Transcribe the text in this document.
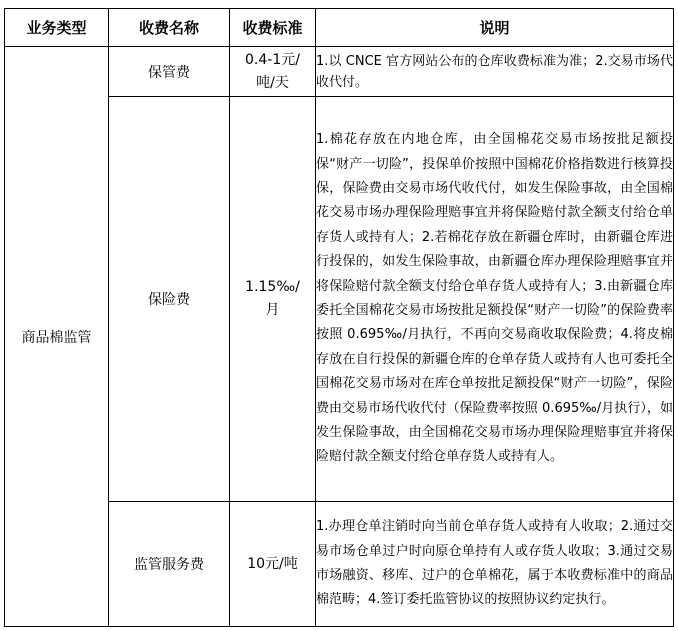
业务类型	收费名称	收费标准	说明
商品棉监管	保管费	0.4-1元/吨/天	1.以 CNCE 官方网站公布的仓库收费标准为准；2.交易市场代收代付。
	保险费	1.15‰/月	1.棉花存放在内地仓库，由全国棉花交易市场按批足额投保“财产一切险”，投保单价按照中国棉花价格指数进行核算投保，保险费由交易市场代收代付，如发生保险事故，由全国棉花交易市场办理保险理赔事宜并将保险赔付款全额支付给仓单存货人或持有人；2.若棉花存放在新疆仓库时，由新疆仓库进行投保的，如发生保险事故，由新疆仓库办理保险理赔事宜并将保险赔付款全额支付给仓单存货人或持有人；3.由新疆仓库委托全国棉花交易市场按批足额投保“财产一切险”的保险费率按照 0.695‰/月执行，不再向交易商收取保险费；4.将皮棉存放在自行投保的新疆仓库的仓单存货人或持有人也可委托全国棉花交易市场对在库仓单按批足额投保“财产一切险”，保险费由交易市场代收代付（保险费率按照 0.695‰/月执行），如发生保险事故，由全国棉花交易市场办理保险理赔事宜并将保险赔付款全额支付给仓单存货人或持有人。
	监管服务费	10元/吨	1.办理仓单注销时向当前仓单存货人或持有人收取；2.通过交易市场仓单过户时向原仓单持有人或存货人收取；3.通过交易市场融资、移库、过户的仓单棉花，属于本收费标准中的商品棉范畴；4.签订委托监管协议的按照协议约定执行。
